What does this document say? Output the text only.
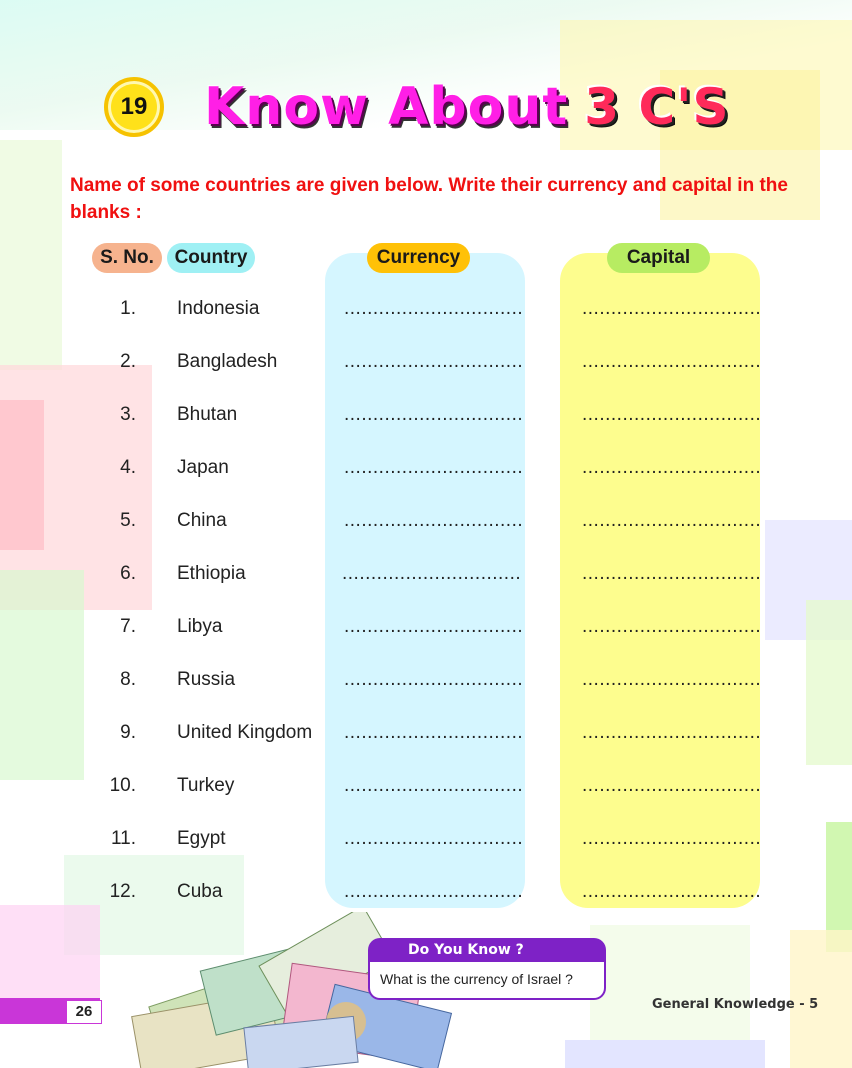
19	Know About 3 C'S
Name of some countries are given below. Write their currency and capital in the blanks :
S. No.	Country	Currency	Capital
1. Indonesia	...............................	...............................
2. Bangladesh	...............................	...............................
3. Bhutan	...............................	...............................
4. Japan	...............................	...............................
5. China	...............................	...............................
6. Ethiopia	...............................	...............................
7. Libya	...............................	...............................
8. Russia	...............................	...............................
9. United Kingdom ...............................	...............................
10. Turkey	...............................	...............................
11. Egypt	...............................	...............................
12. Cuba	...............................	...............................
Do You Know ?
What is the currency of Israel ?
26	General Knowledge - 5
